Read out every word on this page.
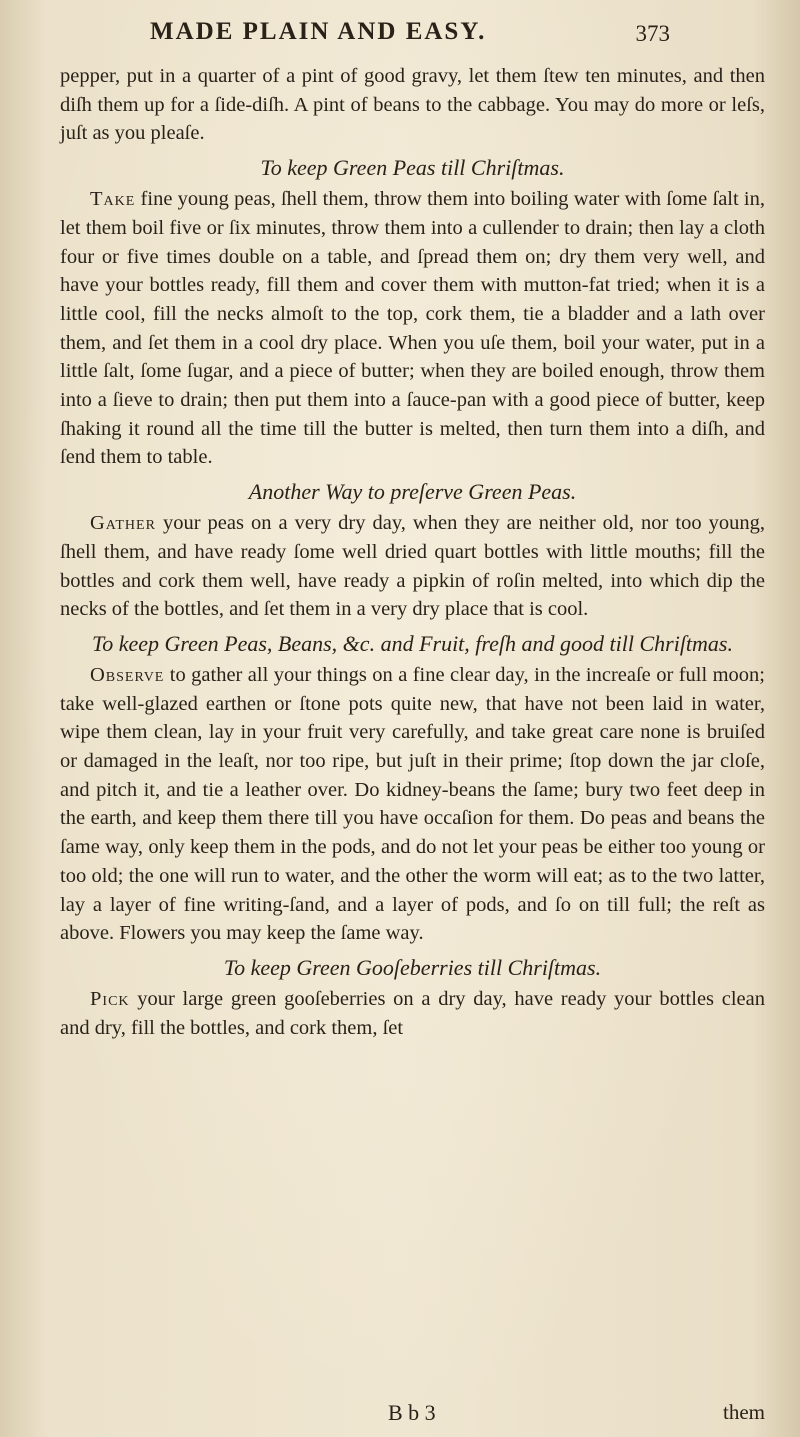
MADE PLAIN AND EASY.	373

pepper, put in a quarter of a pint of good gravy, let them ſtew ten minutes, and then diſh them up for a ſide-diſh. A pint of beans to the cabbage. You may do more or leſs, juſt as you pleaſe.

To keep Green Peas till Chriſtmas.

Take fine young peas, ſhell them, throw them into boiling water with ſome ſalt in, let them boil five or ſix minutes, throw them into a cullender to drain; then lay a cloth four or five times double on a table, and ſpread them on; dry them very well, and have your bottles ready, fill them and cover them with mutton-fat tried; when it is a little cool, fill the necks almoſt to the top, cork them, tie a bladder and a lath over them, and ſet them in a cool dry place. When you uſe them, boil your water, put in a little ſalt, ſome ſugar, and a piece of butter; when they are boiled enough, throw them into a ſieve to drain; then put them into a ſauce-pan with a good piece of butter, keep ſhaking it round all the time till the butter is melted, then turn them into a diſh, and ſend them to table.

Another Way to preſerve Green Peas.

Gather your peas on a very dry day, when they are neither old, nor too young, ſhell them, and have ready ſome well dried quart bottles with little mouths; fill the bottles and cork them well, have ready a pipkin of roſin melted, into which dip the necks of the bottles, and ſet them in a very dry place that is cool.

To keep Green Peas, Beans, &c. and Fruit, freſh and good till Chriſtmas.

Obſerve to gather all your things on a fine clear day, in the increaſe or full moon; take well-glazed earthen or ſtone pots quite new, that have not been laid in water, wipe them clean, lay in your fruit very carefully, and take great care none is bruiſed or damaged in the leaſt, nor too ripe, but juſt in their prime; ſtop down the jar cloſe, and pitch it, and tie a leather over. Do kidney-beans the ſame; bury two feet deep in the earth, and keep them there till you have occaſion for them. Do peas and beans the ſame way, only keep them in the pods, and do not let your peas be either too young or too old; the one will run to water, and the other the worm will eat; as to the two latter, lay a layer of fine writing-ſand, and a layer of pods, and ſo on till full; the reſt as above. Flowers you may keep the ſame way.

To keep Green Gooſeberries till Chriſtmas.

Pick your large green gooſeberries on a dry day, have ready your bottles clean and dry, fill the bottles, and cork them, ſet

B b 3	them
